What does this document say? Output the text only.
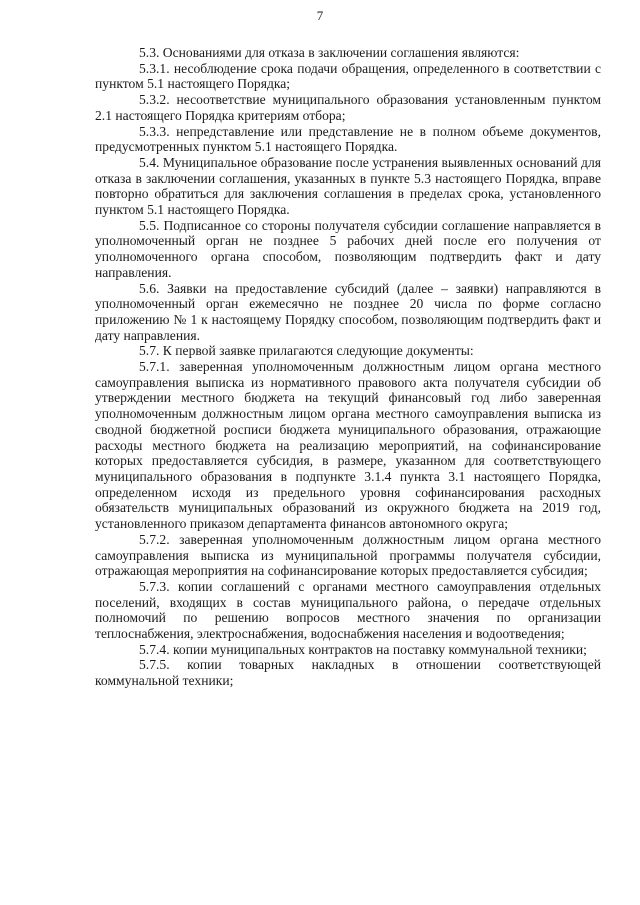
7

5.3. Основаниями для отказа в заключении соглашения являются:

5.3.1. несоблюдение срока подачи обращения, определенного в соответствии с пунктом 5.1 настоящего Порядка;

5.3.2. несоответствие муниципального образования установленным пунктом 2.1 настоящего Порядка критериям отбора;

5.3.3. непредставление или представление не в полном объеме документов, предусмотренных пунктом 5.1 настоящего Порядка.

5.4. Муниципальное образование после устранения выявленных оснований для отказа в заключении соглашения, указанных в пункте 5.3 настоящего Порядка, вправе повторно обратиться для заключения соглашения в пределах срока, установленного пунктом 5.1 настоящего Порядка.

5.5. Подписанное со стороны получателя субсидии соглашение направляется в уполномоченный орган не позднее 5 рабочих дней после его получения от уполномоченного органа способом, позволяющим подтвердить факт и дату направления.

5.6. Заявки на предоставление субсидий (далее – заявки) направляются в уполномоченный орган ежемесячно не позднее 20 числа по форме согласно приложению № 1 к настоящему Порядку способом, позволяющим подтвердить факт и дату направления.

5.7. К первой заявке прилагаются следующие документы:

5.7.1. заверенная уполномоченным должностным лицом органа местного самоуправления выписка из нормативного правового акта получателя субсидии об утверждении местного бюджета на текущий финансовый год либо заверенная уполномоченным должностным лицом органа местного самоуправления выписка из сводной бюджетной росписи бюджета муниципального образования, отражающие расходы местного бюджета на реализацию мероприятий, на софинансирование которых предоставляется субсидия, в размере, указанном для соответствующего муниципального образования в подпункте 3.1.4 пункта 3.1 настоящего Порядка, определенном исходя из предельного уровня софинансирования расходных обязательств муниципальных образований из окружного бюджета на 2019 год, установленного приказом департамента финансов автономного округа;

5.7.2. заверенная уполномоченным должностным лицом органа местного самоуправления выписка из муниципальной программы получателя субсидии, отражающая мероприятия на софинансирование которых предоставляется субсидия;

5.7.3. копии соглашений с органами местного самоуправления отдельных поселений, входящих в состав муниципального района, о передаче отдельных полномочий по решению вопросов местного значения по организации теплоснабжения, электроснабжения, водоснабжения населения и водоотведения;

5.7.4. копии муниципальных контрактов на поставку коммунальной техники;

5.7.5. копии товарных накладных в отношении соответствующей коммунальной техники;
